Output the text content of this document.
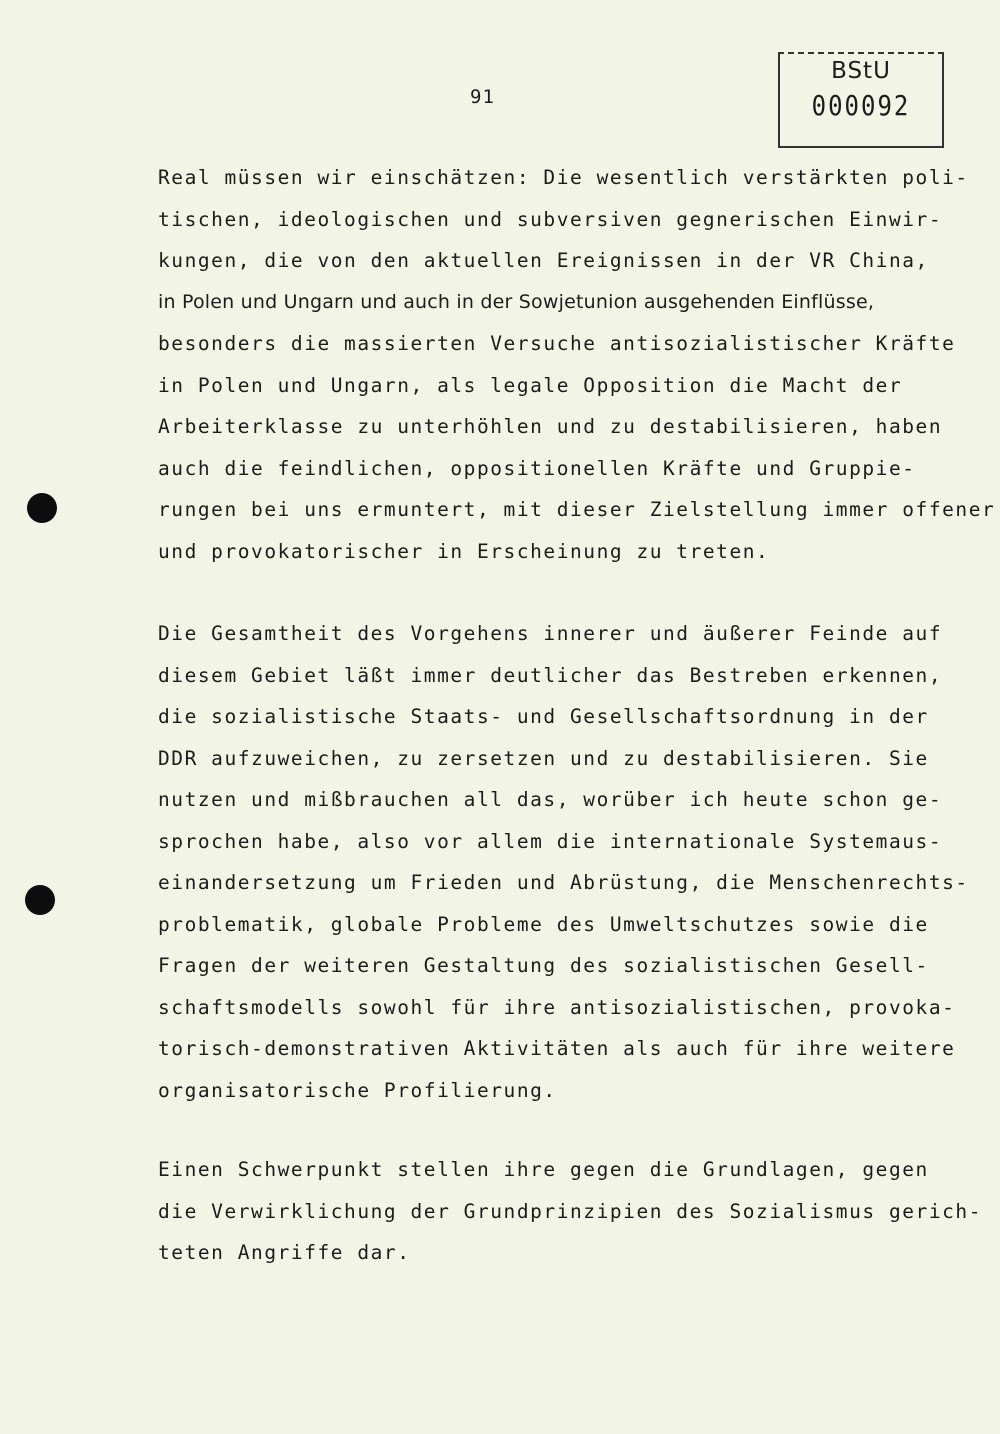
91
BStU
000092
Real müssen wir einschätzen: Die wesentlich verstärkten poli-
tischen, ideologischen und subversiven gegnerischen Einwir-
kungen, die von den aktuellen Ereignissen in der VR China,
in Polen und Ungarn und auch in der Sowjetunion ausgehenden Einflüsse,
besonders die massierten Versuche antisozialistischer Kräfte
in Polen und Ungarn, als legale Opposition die Macht der
Arbeiterklasse zu unterhöhlen und zu destabilisieren, haben
auch die feindlichen, oppositionellen Kräfte und Gruppie-
rungen bei uns ermuntert, mit dieser Zielstellung immer offener
und provokatorischer in Erscheinung zu treten.
Die Gesamtheit des Vorgehens innerer und äußerer Feinde auf
diesem Gebiet läßt immer deutlicher das Bestreben erkennen,
die sozialistische Staats- und Gesellschaftsordnung in der
DDR aufzuweichen, zu zersetzen und zu destabilisieren. Sie
nutzen und mißbrauchen all das, worüber ich heute schon ge-
sprochen habe, also vor allem die internationale Systemaus-
einandersetzung um Frieden und Abrüstung, die Menschenrechts-
problematik, globale Probleme des Umweltschutzes sowie die
Fragen der weiteren Gestaltung des sozialistischen Gesell-
schaftsmodells sowohl für ihre antisozialistischen, provoka-
torisch-demonstrativen Aktivitäten als auch für ihre weitere
organisatorische Profilierung.
Einen Schwerpunkt stellen ihre gegen die Grundlagen, gegen
die Verwirklichung der Grundprinzipien des Sozialismus gerich-
teten Angriffe dar.
